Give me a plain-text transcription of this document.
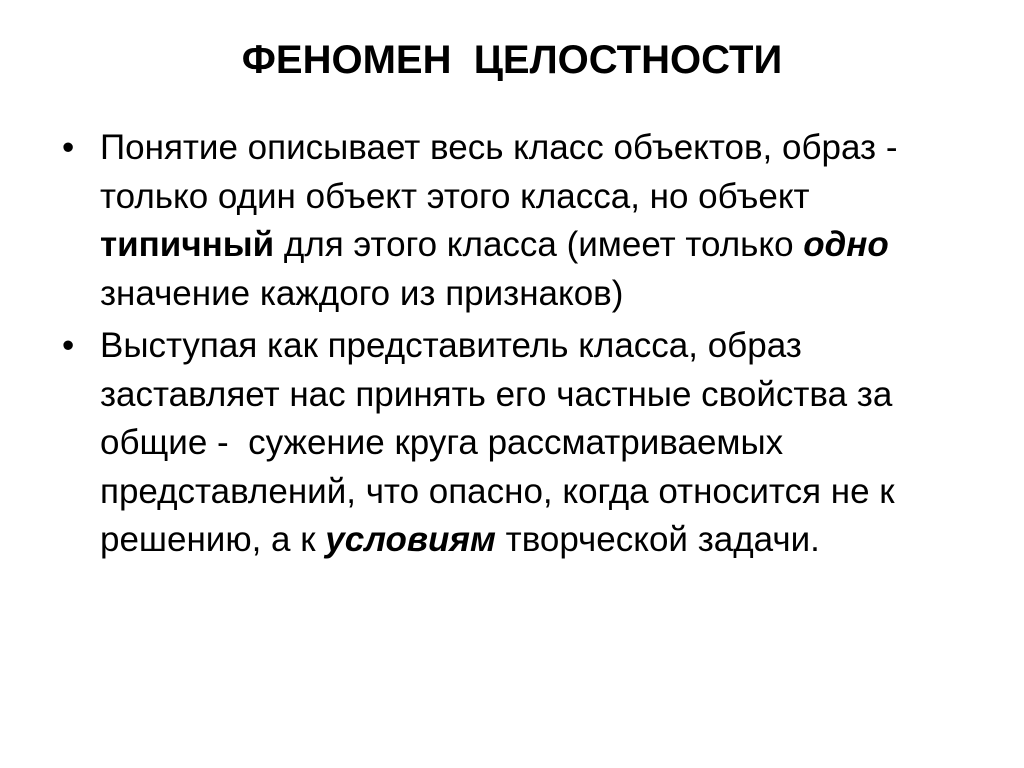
ФЕНОМЕН  ЦЕЛОСТНОСТИ
• Понятие описывает весь класс объектов, образ - только один объект этого класса, но объект типичный для этого класса (имеет только одно значение каждого из признаков)
• Выступая как представитель класса, образ заставляет нас принять его частные свойства за общие -  сужение круга рассматриваемых представлений, что опасно, когда относится не к решению, а к условиям творческой задачи.
